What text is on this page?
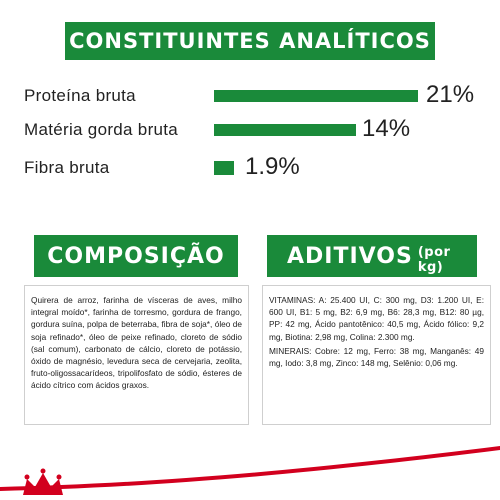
CONSTITUINTES ANALÍTICOS
Proteína bruta	21%
Matéria gorda bruta	14%
Fibra bruta	1.9%
COMPOSIÇÃO	ADITIVOS (por kg)

Quirera de arroz, farinha de vísceras de aves, milho integral moído*, farinha de torresmo, gordura de frango, gordura suína, polpa de beterraba, fibra de soja*, óleo de soja refinado*, óleo de peixe refinado, cloreto de sódio (sal comum), carbonato de cálcio, cloreto de potássio, óxido de magnésio, levedura seca de cervejaria, zeolita, fruto-oligossacarídeos, tripolifosfato de sódio, ésteres de ácido cítrico com ácidos graxos.

VITAMINAS: A: 25.400 UI, C: 300 mg, D3: 1.200 UI, E: 600 UI, B1: 5 mg, B2: 6,9 mg, B6: 28,3 mg, B12: 80 µg, PP: 42 mg, Ácido pantotênico: 40,5 mg, Ácido fólico: 9,2 mg, Biotina: 2,98 mg, Colina: 2.300 mg.

MINERAIS: Cobre: 12 mg, Ferro: 38 mg, Manganês: 49 mg, Iodo: 3,8 mg, Zinco: 148 mg, Selênio: 0,06 mg.
